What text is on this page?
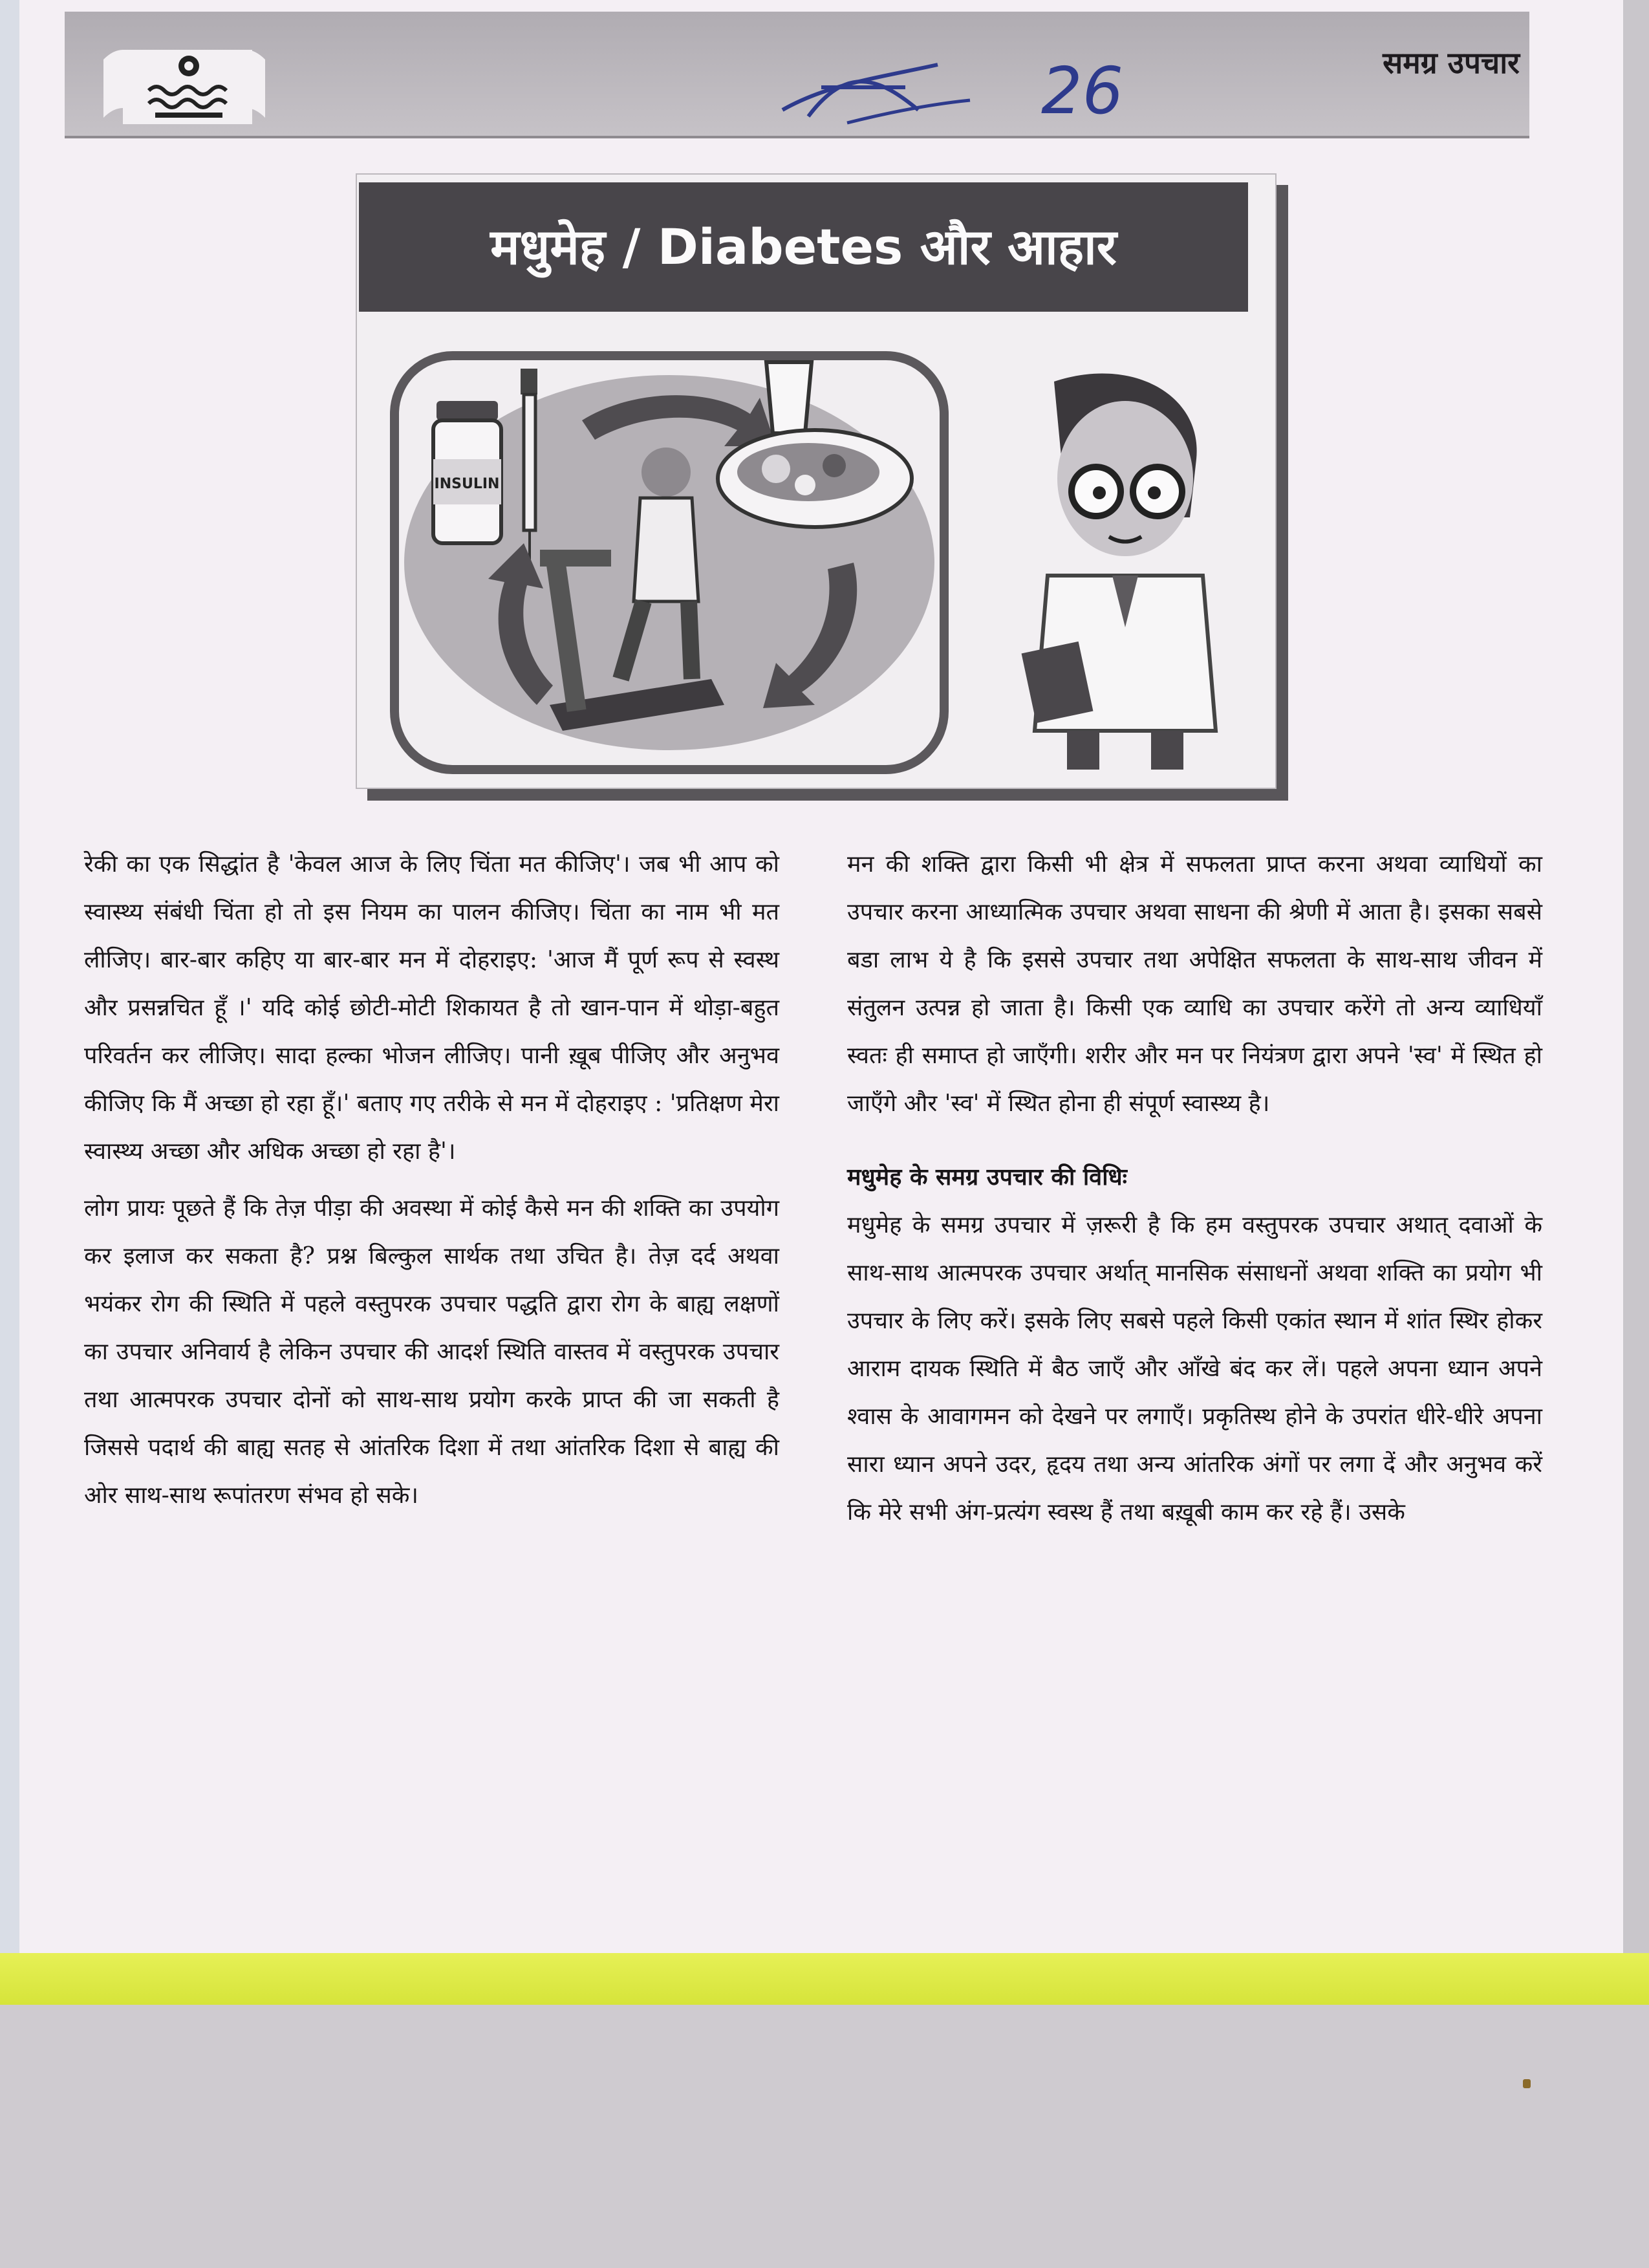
समग्र उपचार
26
मधुमेह / Diabetes और आहार
INSULIN

रेकी का एक सिद्धांत है 'केवल आज के लिए चिंता मत कीजिए'। जब भी आप को स्वास्थ्य संबंधी चिंता हो तो इस नियम का पालन कीजिए। चिंता का नाम भी मत लीजिए। बार-बार कहिए या बार-बार मन में दोहराइए: 'आज मैं पूर्ण रूप से स्वस्थ और प्रसन्नचित हूँ ।' यदि कोई छोटी-मोटी शिकायत है तो खान-पान में थोड़ा-बहुत परिवर्तन कर लीजिए। सादा हल्का भोजन लीजिए। पानी ख़ूब पीजिए और अनुभव कीजिए कि मैं अच्छा हो रहा हूँ।' बताए गए तरीके से मन में दोहराइए : 'प्रतिक्षण मेरा स्वास्थ्य अच्छा और अधिक अच्छा हो रहा है'।

लोग प्रायः पूछते हैं कि तेज़ पीड़ा की अवस्था में कोई कैसे मन की शक्ति का उपयोग कर इलाज कर सकता है? प्रश्न बिल्कुल सार्थक तथा उचित है। तेज़ दर्द अथवा भयंकर रोग की स्थिति में पहले वस्तुपरक उपचार पद्धति द्वारा रोग के बाह्य लक्षणों का उपचार अनिवार्य है लेकिन उपचार की आदर्श स्थिति वास्तव में वस्तुपरक उपचार तथा आत्मपरक उपचार दोनों को साथ-साथ प्रयोग करके प्राप्त की जा सकती है जिससे पदार्थ की बाह्य सतह से आंतरिक दिशा में तथा आंतरिक दिशा से बाह्य की ओर साथ-साथ रूपांतरण संभव हो सके।

मन की शक्ति द्वारा किसी भी क्षेत्र में सफलता प्राप्त करना अथवा व्याधियों का उपचार करना आध्यात्मिक उपचार अथवा साधना की श्रेणी में आता है। इसका सबसे बडा लाभ ये है कि इससे उपचार तथा अपेक्षित सफलता के साथ-साथ जीवन में संतुलन उत्पन्न हो जाता है। किसी एक व्याधि का उपचार करेंगे तो अन्य व्याधियाँ स्वतः ही समाप्त हो जाएँगी। शरीर और मन पर नियंत्रण द्वारा अपने 'स्व' में स्थित हो जाएँगे और 'स्व' में स्थित होना ही संपूर्ण स्वास्थ्य है।

मधुमेह के समग्र उपचार की विधिः

मधुमेह के समग्र उपचार में ज़रूरी है कि हम वस्तुपरक उपचार अथात् दवाओं के साथ-साथ आत्मपरक उपचार अर्थात् मानसिक संसाधनों अथवा शक्ति का प्रयोग भी उपचार के लिए करें। इसके लिए सबसे पहले किसी एकांत स्थान में शांत स्थिर होकर आराम दायक स्थिति में बैठ जाएँ और आँखे बंद कर लें। पहले अपना ध्यान अपने श्वास के आवागमन को देखने पर लगाएँ। प्रकृतिस्थ होने के उपरांत धीरे-धीरे अपना सारा ध्यान अपने उदर, हृदय तथा अन्य आंतरिक अंगों पर लगा दें और अनुभव करें कि मेरे सभी अंग-प्रत्यंग स्वस्थ हैं तथा बख़ूबी काम कर रहे हैं। उसके
